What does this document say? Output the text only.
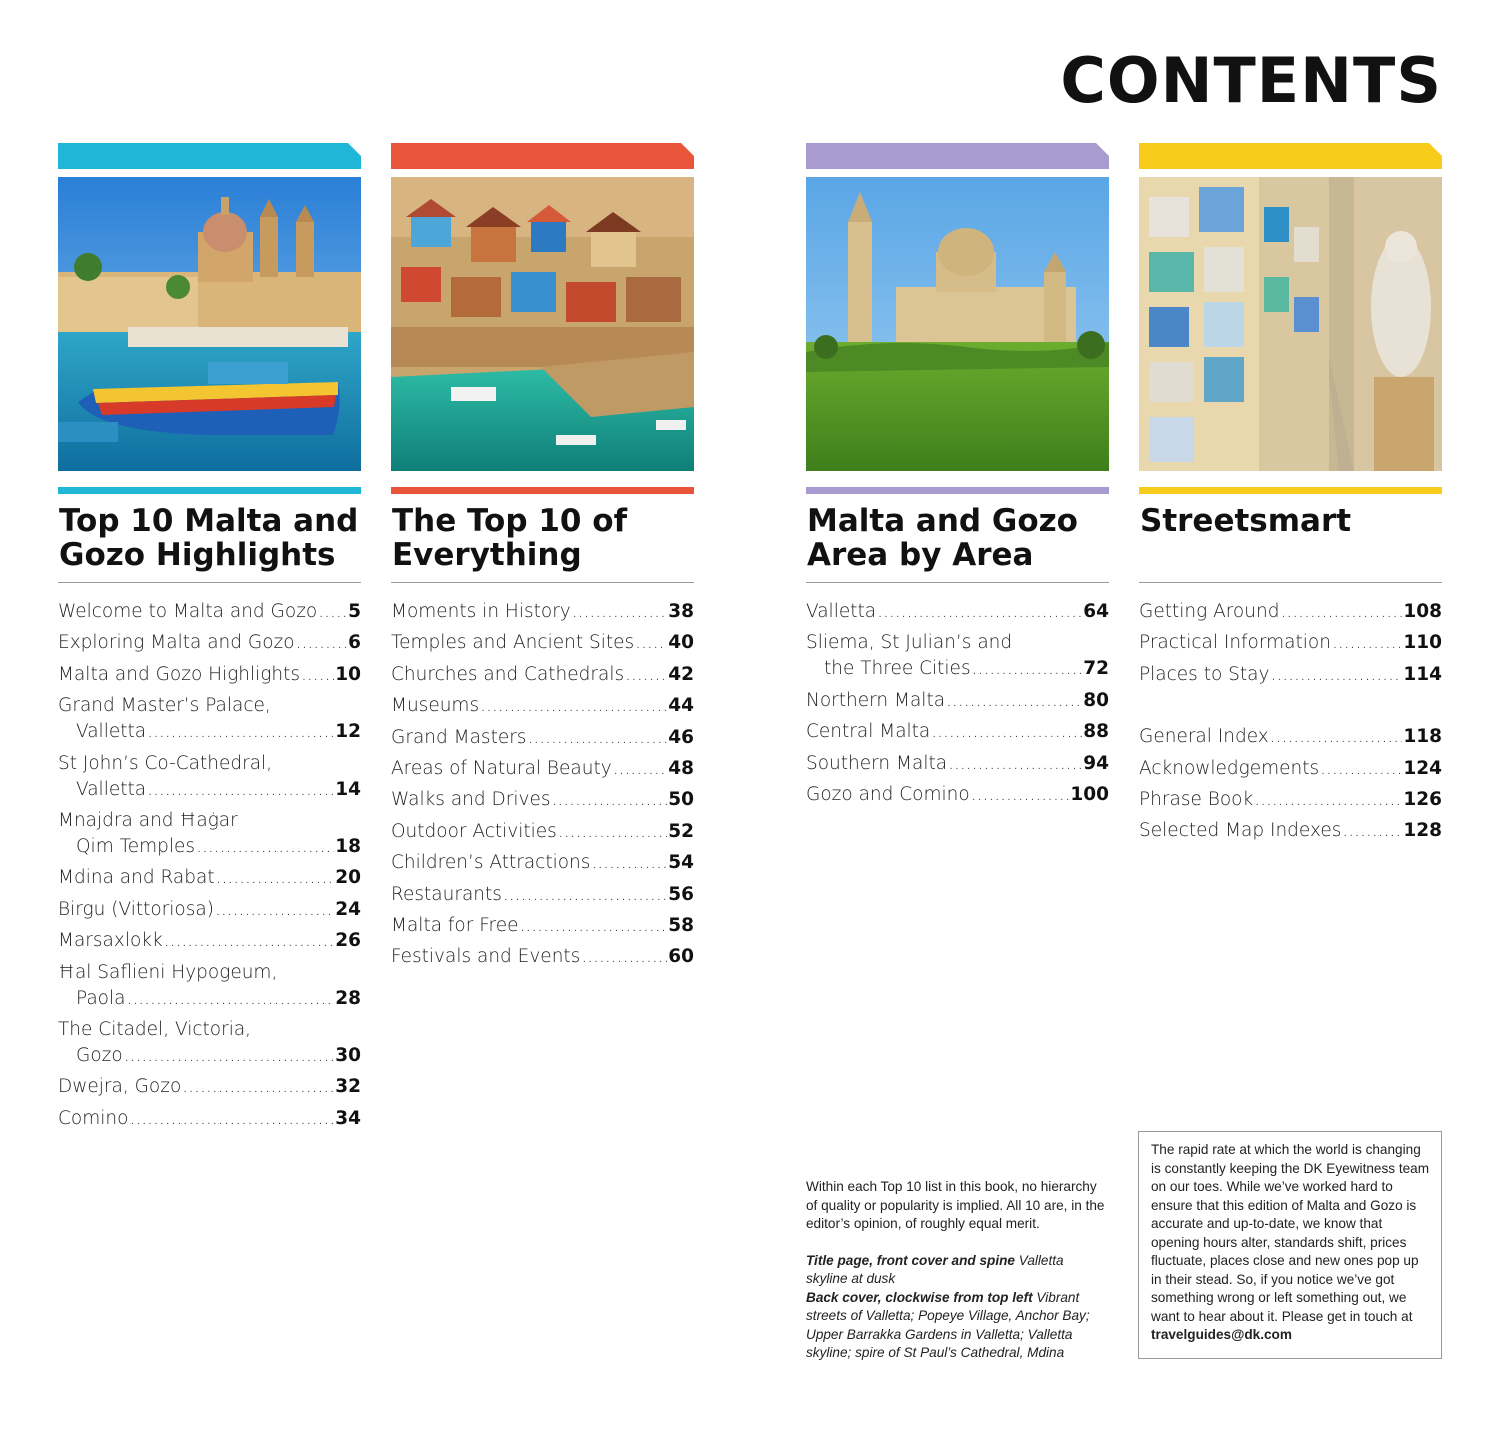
CONTENTS
Top 10 Malta and
Gozo Highlights
Welcome to Malta and Gozo ..... 5
Exploring Malta and Gozo .....	6
Malta and Gozo Highlights ..... 10
Grand Master’s Palace,
Valletta .....	12
St John’s Co-Cathedral,
Valletta .....	14
Mnajdra and Ħaġar
Qim Temples .....	18
Mdina and Rabat .....	20
Birgu (Vittoriosa) .....	24
Marsaxlokk .....	26
Ħal Saflieni Hypogeum,
Paola .....	28
The Citadel, Victoria,
Gozo .....	30
Dwejra, Gozo .....	32
Comino .....	34
The Top 10 of
Everything
Moments in History .....	38
Temples and Ancient Sites ..... 40
Churches and Cathedrals ..... 42
Museums .....	44
Grand Masters .....	46
Areas of Natural Beauty .....	48
Walks and Drives .....	50
Outdoor Activities .....	52
Children’s Attractions .....	54
Restaurants .....	56
Malta for Free .....	58
Festivals and Events .....	60
Malta and Gozo
Area by Area
Valletta .....	64
Sliema, St Julian’s and
the Three Cities .....	72
Northern Malta .....	80
Central Malta .....	88
Southern Malta .....	94
Gozo and Comino .....	100
Streetsmart
Getting Around .....	108
Practical Information .....	110
Places to Stay .....	114
General Index .....	118
Acknowledgements .....	124
Phrase Book .....	126
Selected Map Indexes .....	128

Within each Top 10 list in this book, no hierarchy of quality or popularity is implied. All 10 are, in the editor’s opinion, of roughly equal merit.

Title page, front cover and spine Valletta skyline at dusk
Back cover, clockwise from top left Vibrant streets of Valletta; Popeye Village, Anchor Bay; Upper Barrakka Gardens in Valletta; Valletta skyline; spire of St Paul’s Cathedral, Mdina
The rapid rate at which the world is changing is constantly keeping the DK Eyewitness team on our toes. While we’ve worked hard to ensure that this edition of Malta and Gozo is accurate and up-to-date, we know that opening hours alter, standards shift, prices fluctuate, places close and new ones pop up in their stead. So, if you notice we’ve got something wrong or left something out, we want to hear about it. Please get in touch at travelguides@dk.com
